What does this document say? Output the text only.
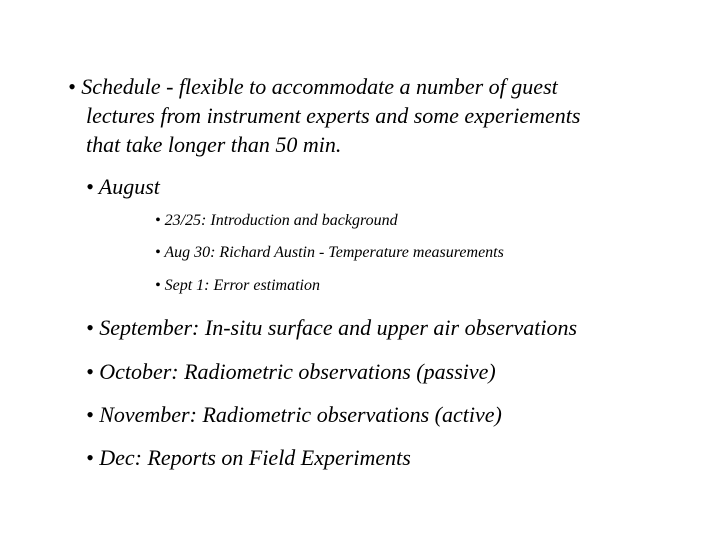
• Schedule - flexible to accommodate a number of guest
lectures from instrument experts and some experiements
that take longer than 50 min.
• August
• 23/25: Introduction and background
• Aug 30: Richard Austin - Temperature measurements
• Sept 1: Error estimation
• September: In-situ surface and upper air observations
• October: Radiometric observations (passive)
• November: Radiometric observations (active)
• Dec: Reports on Field Experiments
